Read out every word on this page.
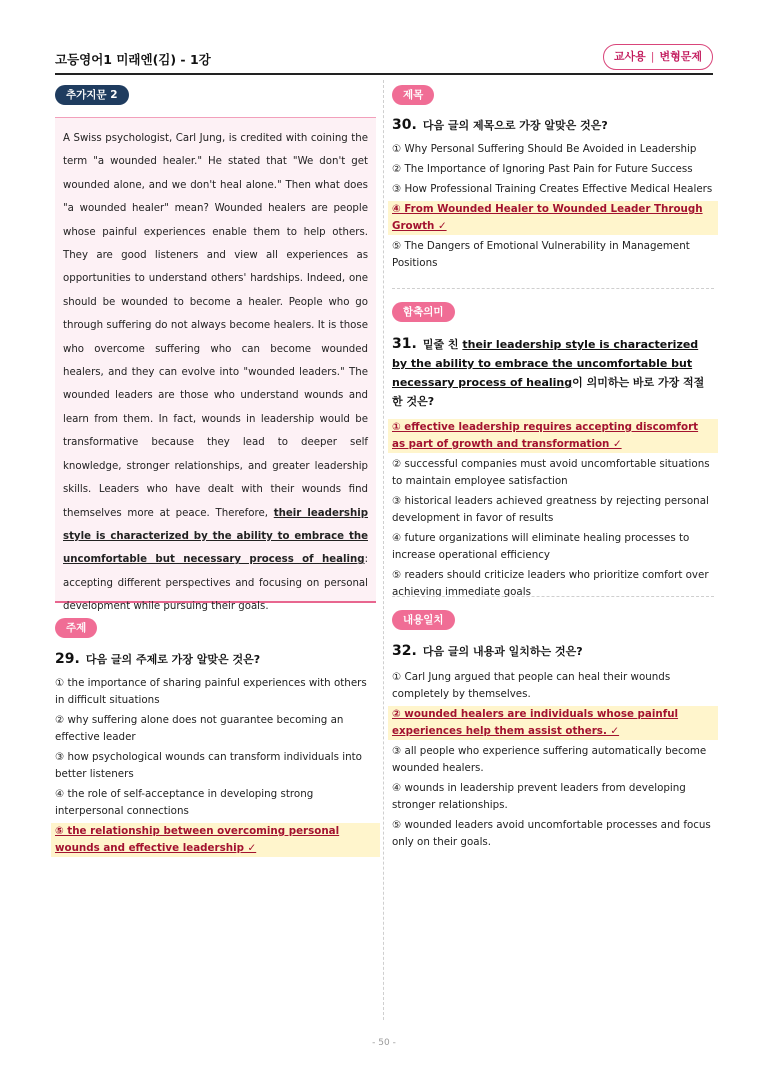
고등영어1 미래엔(김) - 1강	교사용 | 변형문제
추가지문 2

A Swiss psychologist, Carl Jung, is credited with coining the term "a wounded healer." He stated that "We don't get wounded alone, and we don't heal alone." Then what does "a wounded healer" mean? Wounded healers are people whose painful experiences enable them to help others. They are good listeners and view all experiences as opportunities to understand others' hardships. Indeed, one should be wounded to become a healer. People who go through suffering do not always become healers. It is those who overcome suffering who can become wounded healers, and they can evolve into "wounded leaders." The wounded leaders are those who understand wounds and learn from them. In fact, wounds in leadership would be transformative because they lead to deeper self knowledge, stronger relationships, and greater leadership skills. Leaders who have dealt with their wounds find themselves more at peace. Therefore, their leadership style is characterized by the ability to embrace the uncomfortable but necessary process of healing: accepting different perspectives and focusing on personal development while pursuing their goals.

주제
29. 다음 글의 주제로 가장 알맞은 것은?
① the importance of sharing painful experiences with others in difficult situations
② why suffering alone does not guarantee becoming an effective leader
③ how psychological wounds can transform individuals into better listeners
④ the role of self-acceptance in developing strong interpersonal connections
⑤ the relationship between overcoming personal wounds and effective leadership ✓
제목
30. 다음 글의 제목으로 가장 알맞은 것은?
① Why Personal Suffering Should Be Avoided in Leadership
② The Importance of Ignoring Past Pain for Future Success
③ How Professional Training Creates Effective Medical Healers
④ From Wounded Healer to Wounded Leader Through Growth ✓
⑤ The Dangers of Emotional Vulnerability in Management Positions
함축의미
31. 밑줄 친 their leadership style is characterized by the ability to embrace the uncomfortable but necessary process of healing이 의미하는 바로 가장 적절한 것은?
① effective leadership requires accepting discomfort as part of growth and transformation ✓
② successful companies must avoid uncomfortable situations to maintain employee satisfaction
③ historical leaders achieved greatness by rejecting personal development in favor of results
④ future organizations will eliminate healing processes to increase operational efficiency
⑤ readers should criticize leaders who prioritize comfort over achieving immediate goals
내용일치
32. 다음 글의 내용과 일치하는 것은?
① Carl Jung argued that people can heal their wounds completely by themselves.
② wounded healers are individuals whose painful experiences help them assist others. ✓
③ all people who experience suffering automatically become wounded healers.
④ wounds in leadership prevent leaders from developing stronger relationships.
⑤ wounded leaders avoid uncomfortable processes and focus only on their goals.
- 50 -
